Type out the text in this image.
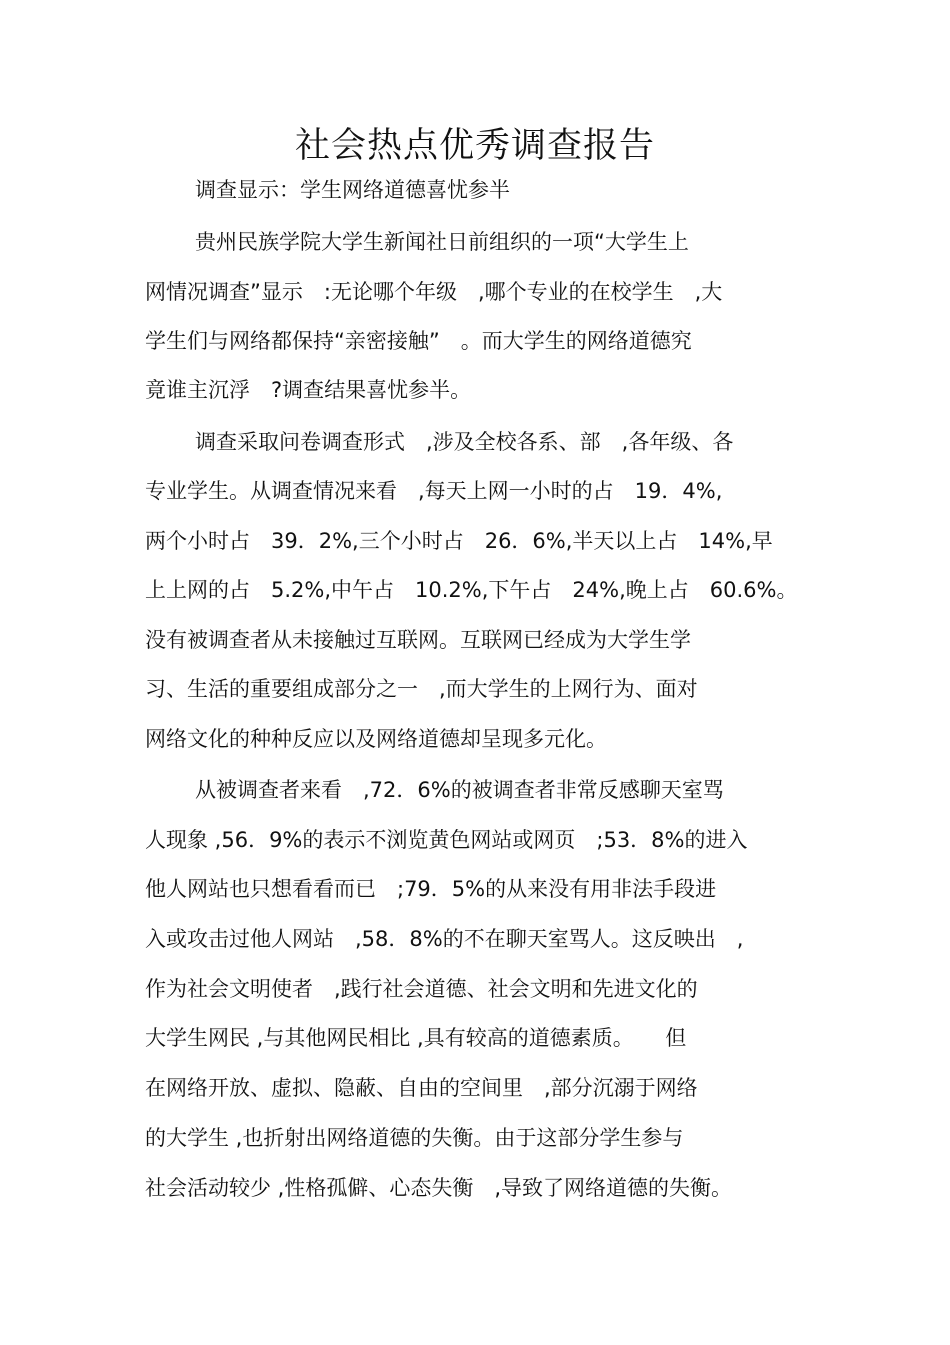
社会热点优秀调查报告

调查显示：学生网络道德喜忧参半

贵州民族学院大学生新闻社日前组织的一项“大学生上

网情况调查”显示　:无论哪个年级　,哪个专业的在校学生　,大

学生们与网络都保持“亲密接触”　。而大学生的网络道德究

竟谁主沉浮　?调查结果喜忧参半。

调查采取问卷调查形式　,涉及全校各系、部　,各年级、各

专业学生。从调查情况来看　,每天上网一小时的占　19．4%,

两个小时占　39．2%,三个小时占　26．6%,半天以上占　14%,早

上上网的占　5.2%,中午占　10.2%,下午占　24%,晚上占　60.6%。

没有被调查者从未接触过互联网。互联网已经成为大学生学

习、生活的重要组成部分之一　,而大学生的上网行为、面对

网络文化的种种反应以及网络道德却呈现多元化。

从被调查者来看　,72．6%的被调查者非常反感聊天室骂

人现象 ,56．9%的表示不浏览黄色网站或网页　;53．8%的进入

他人网站也只想看看而已　;79．5%的从来没有用非法手段进

入或攻击过他人网站　,58．8%的不在聊天室骂人。这反映出　,

作为社会文明使者　,践行社会道德、社会文明和先进文化的

大学生网民 ,与其他网民相比 ,具有较高的道德素质。　　但

在网络开放、虚拟、隐蔽、自由的空间里　,部分沉溺于网络

的大学生 ,也折射出网络道德的失衡。由于这部分学生参与

社会活动较少 ,性格孤僻、心态失衡　,导致了网络道德的失衡。
